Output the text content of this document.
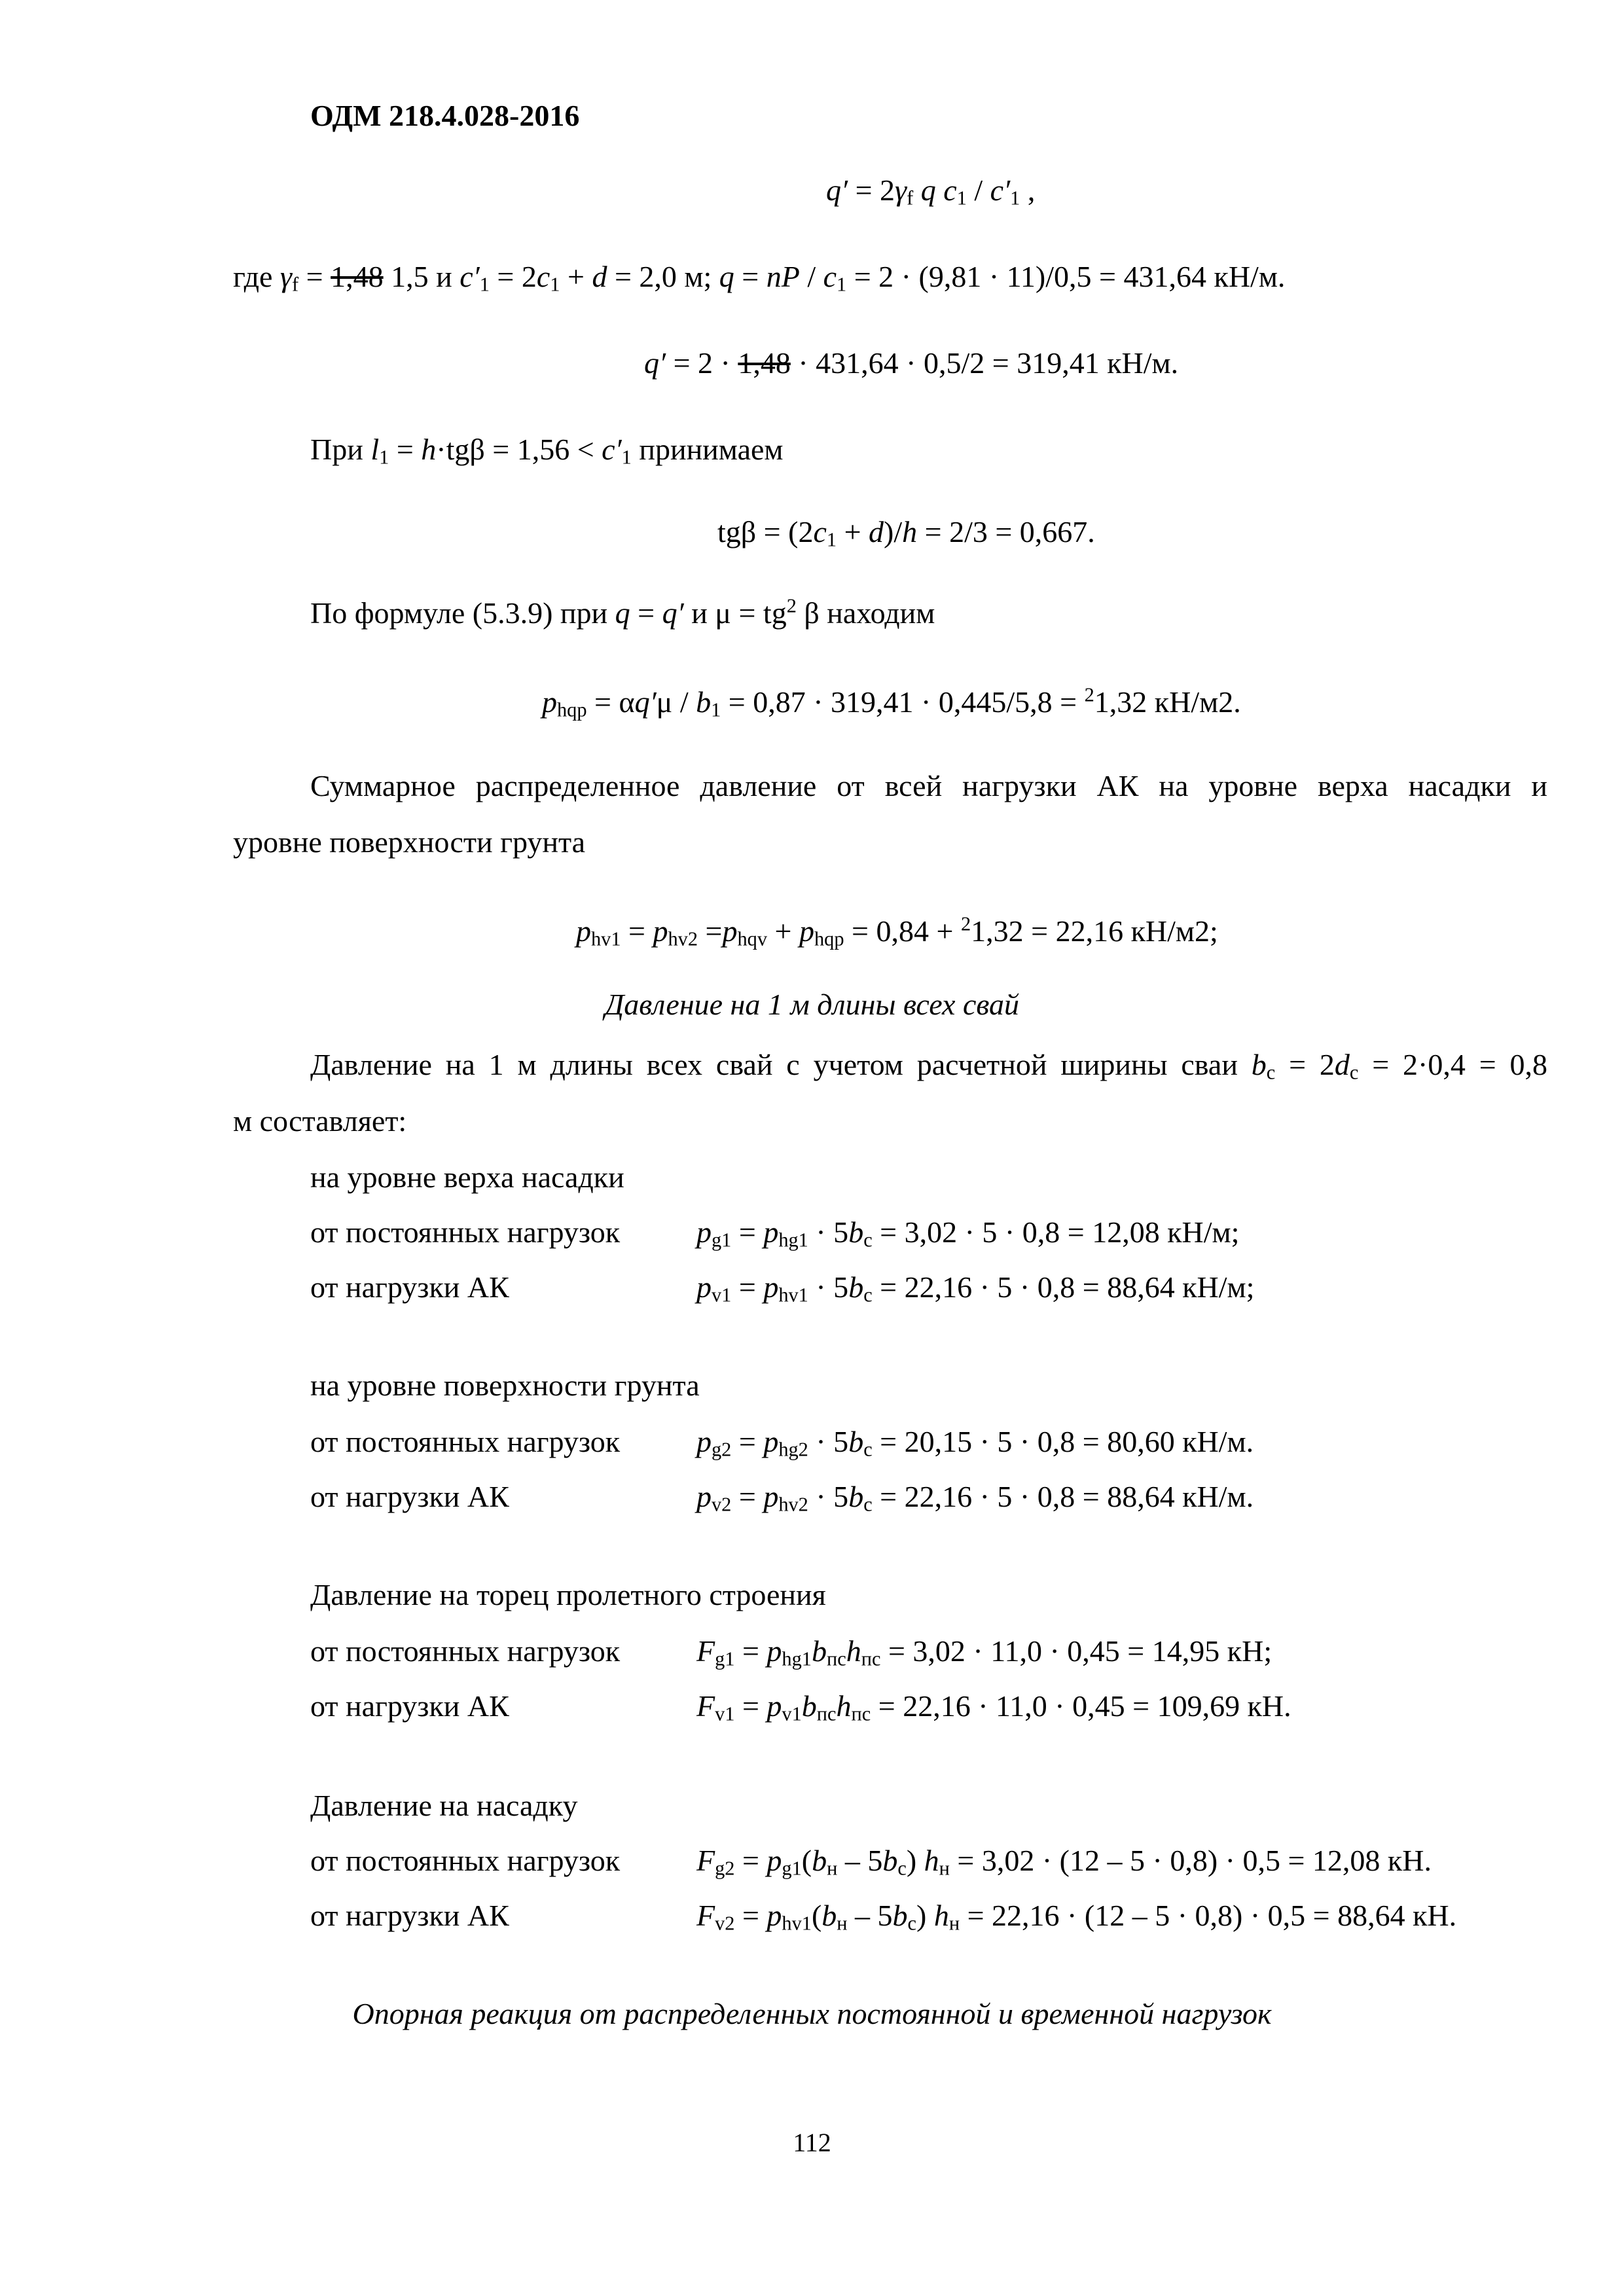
ОДМ 218.4.028-2016
$q' = 2\gamma_f$ q $c_1 / c'_1$ ,
где $\gamma_f = 1,48$ 1,5 и $c'_1 = 2c_1 + d = 2,0$ м; q = nP / $c_1 = 2 \cdot (9,81 \cdot 11)/0,5 = 431,64$ кН/м.
q′ = 2 · 1,48 · 431,64 · 0,5/2 = 319,41 кН/м.
При $l_1 = h\cdot tg\beta = 1,56 < c'_1$ принимаем
$tg\beta = (2c_1 + d)/h = 2/3 = 0,667$.
По формуле (5.3.9) при q = q′ и $\mu = tg^2$ β находим
$p_{hqp} = \alpha q'\mu / b_1 = 0,87 \cdot 319,41 \cdot 0,445/5,8 = ^21,32$ кН/м2.
Суммарное распределенное давление от всей нагрузки АК на уровне верха насадки и
уровне поверхности грунта
$p_{hv1} = p_{hv2} =p_{hqv} + p_{hqp} = 0,84 + ^21,32 = 22,16$ кН/м2;
Давление на 1 м длины всех свай
Давление на 1 м длины всех свай с учетом расчетной ширины сваи $b_с = 2d_с = 2\cdot 0,4 = 0,8$
м составляет:
на уровне верха насадки
от постоянных нагрузок	$p_{g1} = p_{hg1} \cdot 5b_с = 3,02 \cdot 5 \cdot 0,8 = 12,08$ кН/м;
от нагрузки АК	$p_{v1} = p_{hv1} \cdot 5b_с = 22,16 \cdot 5 \cdot 0,8 = 88,64$ кН/м;
на уровне поверхности грунта
от постоянных нагрузок	$p_{g2} = p_{hg2} \cdot 5b_с = 20,15 \cdot 5 \cdot 0,8 = 80,60$ кН/м.
от нагрузки АК	$p_{v2} = p_{hv2} \cdot 5b_с = 22,16 \cdot 5 \cdot 0,8 = 88,64$ кН/м.
Давление на торец пролетного строения
от постоянных нагрузок	$F_{g1} = p_{hg1}b_{пс}h_{пс} = 3,02 \cdot 11,0 \cdot 0,45 = 14,95$ кН;
от нагрузки АК	$F_{v1} = p_{v1}b_{пс}h_{пс} = 22,16 \cdot 11,0 \cdot 0,45 = 109,69$ кН.
Давление на насадку
от постоянных нагрузок	$F_{g2} = p_{g1}(b_н - 5b_с) h_н = 3,02 \cdot (12 - 5 \cdot 0,8) \cdot 0,5 = 12,08$ кН.
от нагрузки АК	$F_{v2} = p_{hv1}(b_н - 5b_с) h_н = 22,16 \cdot (12 - 5 \cdot 0,8) \cdot 0,5 = 88,64$ кН.
Опорная реакция от распределенных постоянной и временной нагрузок
112
